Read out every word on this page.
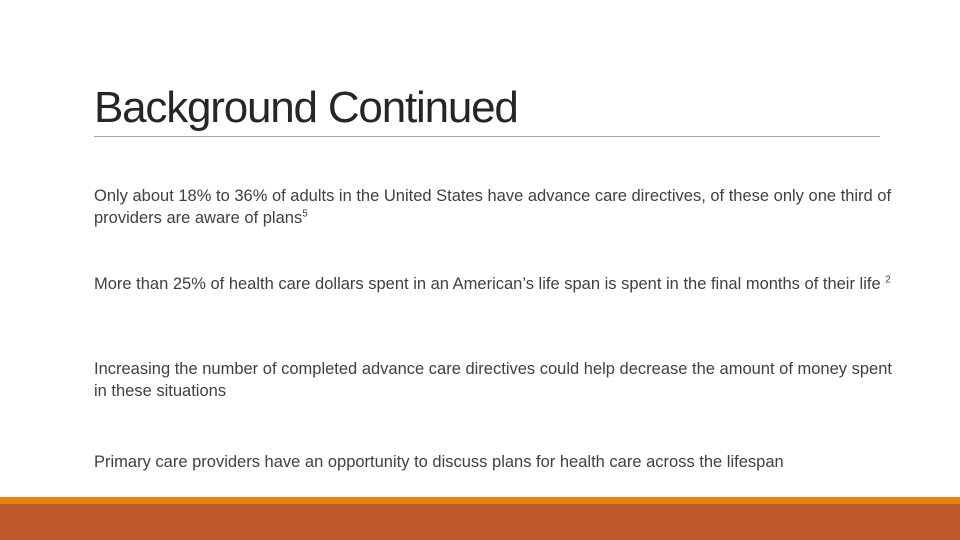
Background Continued
Only about 18% to 36% of adults in the United States have advance care directives, of these only one third of providers are aware of plans$^5$
More than 25% of health care dollars spent in an American’s life span is spent in the final months of their life $^2$
Increasing the number of completed advance care directives could help decrease the amount of money spent in these situations
Primary care providers have an opportunity to discuss plans for health care across the lifespan
